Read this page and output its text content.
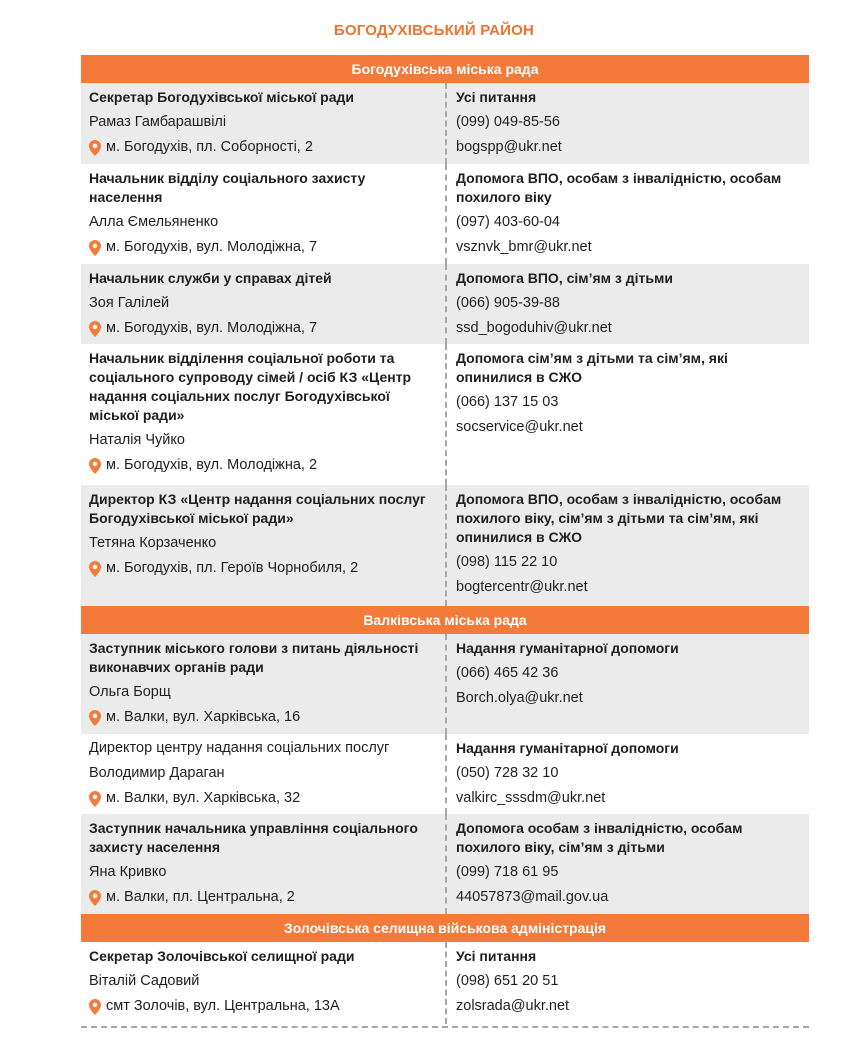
БОГОДУХІВСЬКИЙ РАЙОН
Богодухівська міська рада
Секретар Богодухівської міської ради
Рамаз Гамбарашвілі
м. Богодухів, пл. Соборності, 2
Усі питання
(099) 049-85-56
bogspp@ukr.net
Начальник відділу соціального захисту населення
Алла Ємельяненко
м. Богодухів, вул. Молодіжна, 7
Допомога ВПО, особам з інвалідністю, особам похилого віку
(097) 403-60-04
vsznvk_bmr@ukr.net
Начальник служби у справах дітей
Зоя Галілей
м. Богодухів, вул. Молодіжна, 7
Допомога ВПО, сім’ям з дітьми
(066) 905-39-88
ssd_bogoduhiv@ukr.net
Начальник відділення соціальної роботи та соціального супроводу сімей / осіб КЗ «Центр надання соціальних послуг Богодухівської міської ради»
Наталія Чуйко
м. Богодухів, вул. Молодіжна, 2
Допомога сім’ям з дітьми та сім’ям, які опинилися в СЖО
(066) 137 15 03
socservice@ukr.net
Директор КЗ «Центр надання соціальних послуг Богодухівської міської ради»
Тетяна Корзаченко
м. Богодухів, пл. Героїв Чорнобиля, 2
Допомога ВПО, особам з інвалідністю, особам похилого віку, сім’ям з дітьми та сім’ям, які опинилися в СЖО
(098) 115 22 10
bogtercentr@ukr.net
Валківська міська рада
Заступник міського голови з питань діяльності виконавчих органів ради
Ольга Борщ
м. Валки, вул. Харківська, 16
Надання гуманітарної допомоги
(066) 465 42 36
Borch.olya@ukr.net
Директор центру надання соціальних послуг
Володимир Дараган
м. Валки, вул. Харківська, 32
Надання гуманітарної допомоги
(050) 728 32 10
valkirc_sssdm@ukr.net
Заступник начальника управління соціального захисту населення
Яна Кривко
м. Валки, пл. Центральна, 2
Допомога особам з інвалідністю, особам похилого віку, сім’ям з дітьми
(099) 718 61 95
44057873@mail.gov.ua
Золочівська селищна військова адміністрація
Секретар Золочівської селищної ради
Віталій Садовий
смт Золочів, вул. Центральна, 13А
Усі питання
(098) 651 20 51
zolsrada@ukr.net
